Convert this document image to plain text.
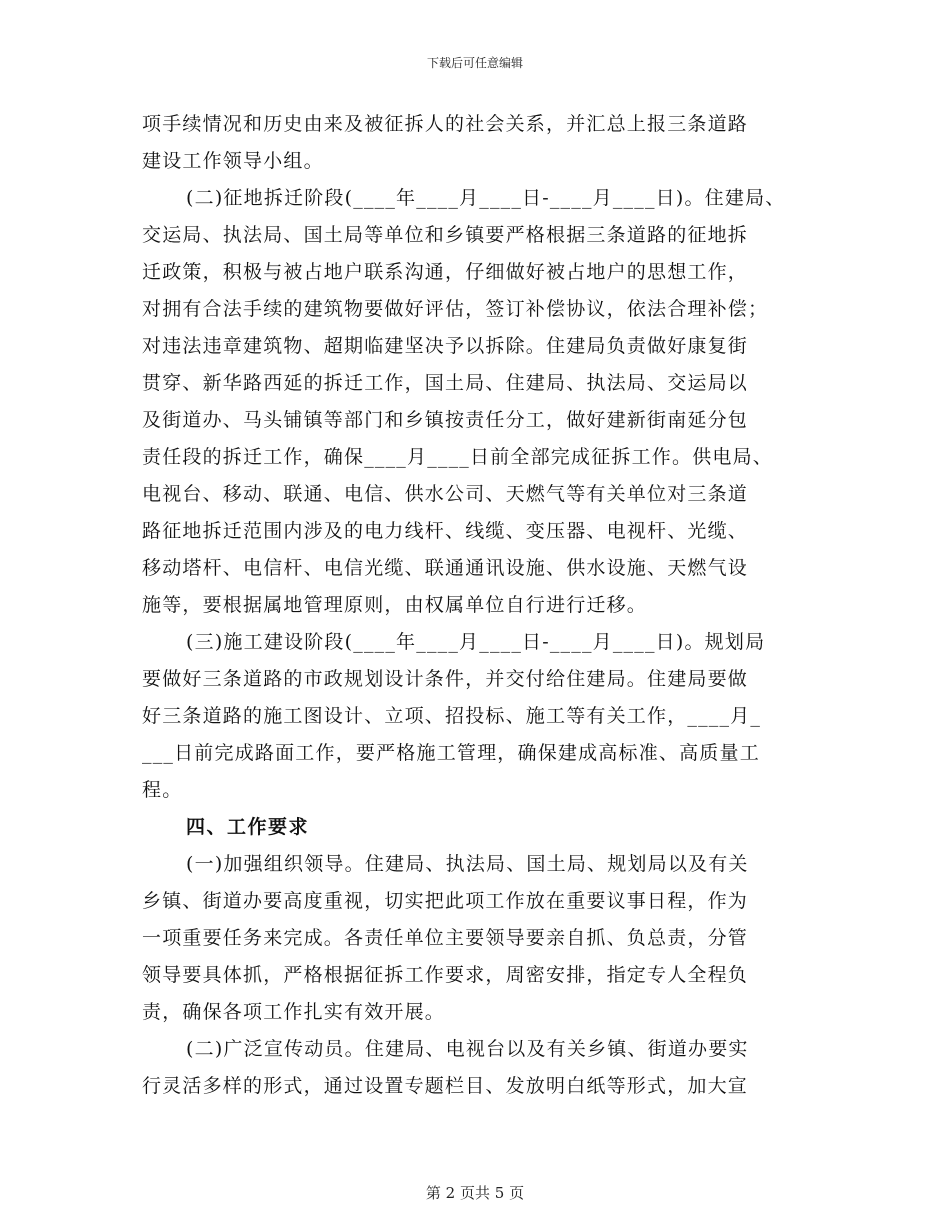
下载后可任意编辑
项手续情况和历史由来及被征拆人的社会关系，并汇总上报三条道路
建设工作领导小组。
(二)征地拆迁阶段(____年____月____日-____月____日)。住建局、
交运局、执法局、国土局等单位和乡镇要严格根据三条道路的征地拆
迁政策，积极与被占地户联系沟通，仔细做好被占地户的思想工作，
对拥有合法手续的建筑物要做好评估，签订补偿协议，依法合理补偿；
对违法违章建筑物、超期临建坚决予以拆除。住建局负责做好康复街
贯穿、新华路西延的拆迁工作，国土局、住建局、执法局、交运局以
及街道办、马头铺镇等部门和乡镇按责任分工，做好建新街南延分包
责任段的拆迁工作，确保____月____日前全部完成征拆工作。供电局、
电视台、移动、联通、电信、供水公司、天燃气等有关单位对三条道
路征地拆迁范围内涉及的电力线杆、线缆、变压器、电视杆、光缆、
移动塔杆、电信杆、电信光缆、联通通讯设施、供水设施、天燃气设
施等，要根据属地管理原则，由权属单位自行进行迁移。
(三)施工建设阶段(____年____月____日-____月____日)。规划局
要做好三条道路的市政规划设计条件，并交付给住建局。住建局要做
好三条道路的施工图设计、立项、招投标、施工等有关工作，____月_
___日前完成路面工作，要严格施工管理，确保建成高标准、高质量工
程。
四、工作要求
(一)加强组织领导。住建局、执法局、国土局、规划局以及有关
乡镇、街道办要高度重视，切实把此项工作放在重要议事日程，作为
一项重要任务来完成。各责任单位主要领导要亲自抓、负总责，分管
领导要具体抓，严格根据征拆工作要求，周密安排，指定专人全程负
责，确保各项工作扎实有效开展。
(二)广泛宣传动员。住建局、电视台以及有关乡镇、街道办要实
行灵活多样的形式，通过设置专题栏目、发放明白纸等形式，加大宣
第 2 页共 5 页
